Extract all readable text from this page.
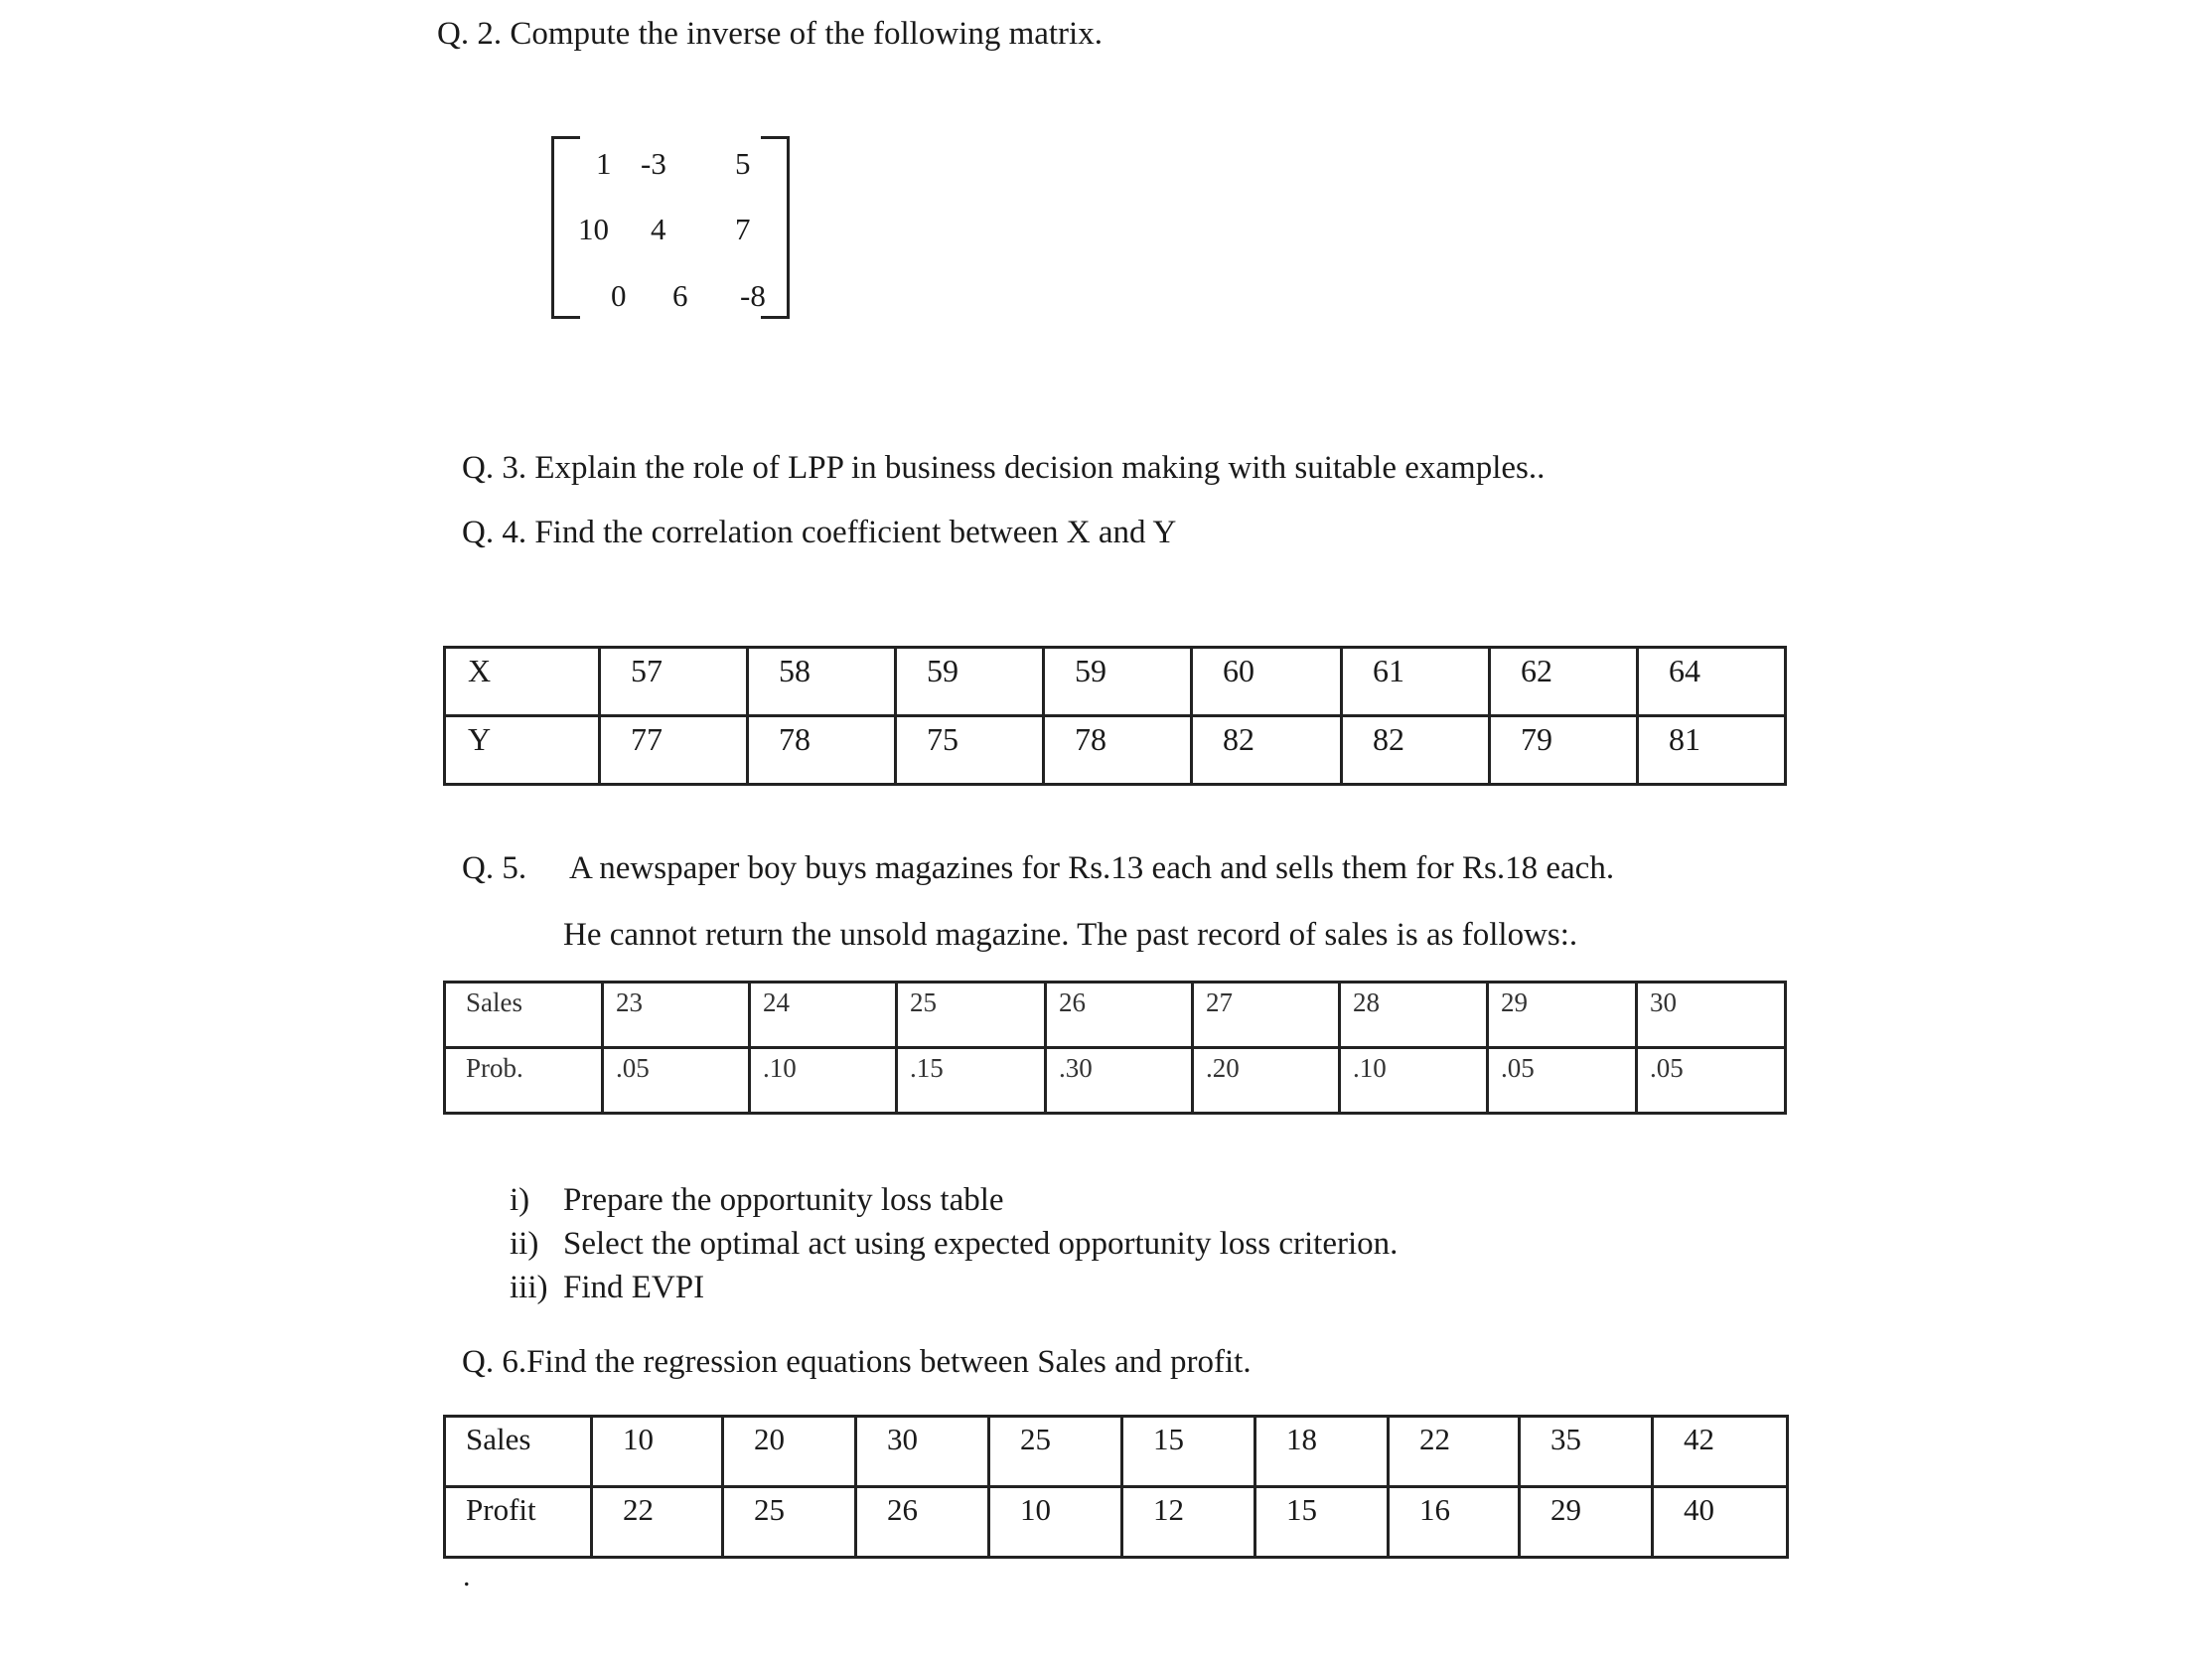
Q. 2. Compute the inverse of the following matrix.
1 -3 5
10 4 7
0 6 -8
Q. 3. Explain the role of LPP in business decision making with suitable examples..
Q. 4. Find the correlation coefficient between X and Y
X	57	58	59	59	60	61	62	64

Y	77	78	75	78	82	82	79	81
Q. 5. A newspaper boy buys magazines for Rs.13 each and sells them for Rs.18 each.
He cannot return the unsold magazine. The past record of sales is as follows:.
Sales	23	24	25	26	27	28	29	30

Prob.	.05	.10	.15	.30	.20	.10	.05	.05
i) Prepare the opportunity loss table
ii) Select the optimal act using expected opportunity loss criterion.
iii) Find EVPI
Q. 6.Find the regression equations between Sales and profit.
Sales	10	20	30	25	15	18	22	35	42

Profit	22	25	26	10	12	15	16	29	40
.
